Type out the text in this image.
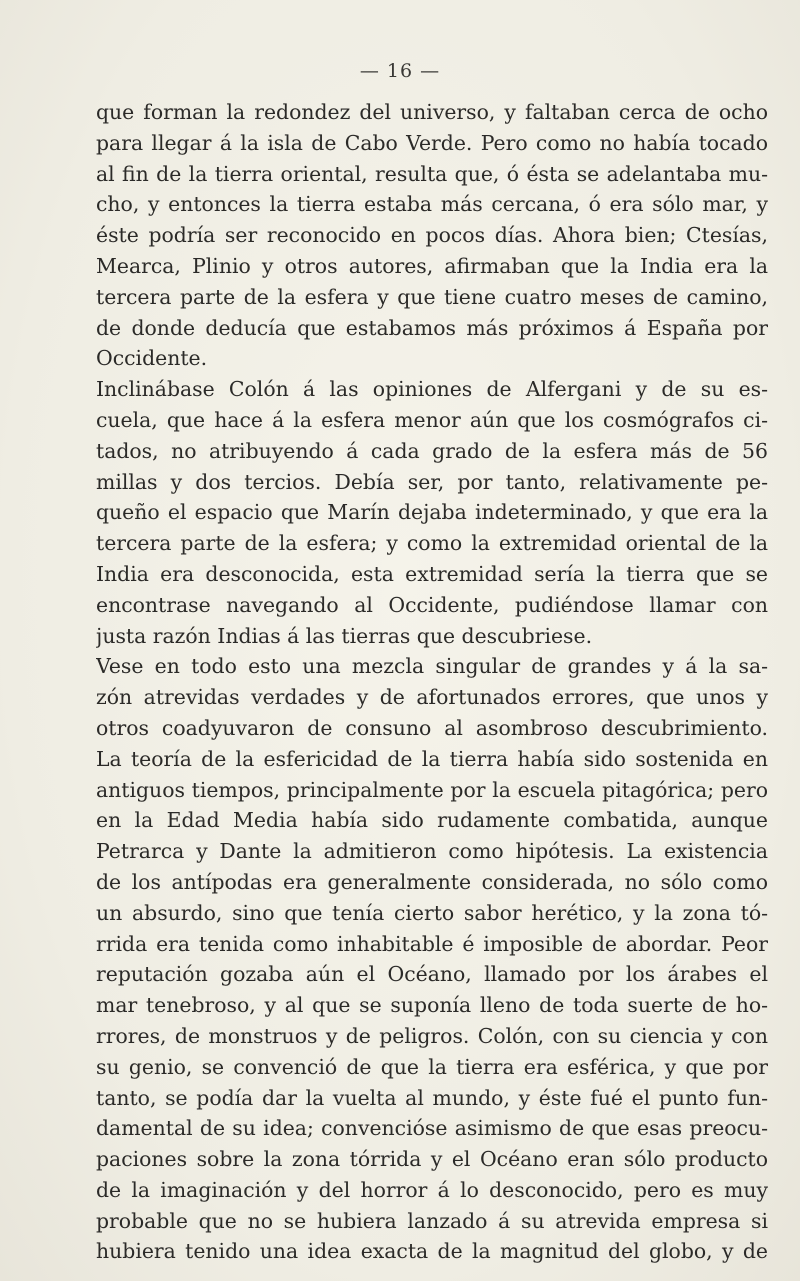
— 16 —
que forman la redondez del universo, y faltaban cerca de ocho
para llegar á la isla de Cabo Verde. Pero como no había tocado
al fin de la tierra oriental, resulta que, ó ésta se adelantaba mu-
cho, y entonces la tierra estaba más cercana, ó era sólo mar, y
éste podría ser reconocido en pocos días. Ahora bien; Ctesías,
Mearca, Plinio y otros autores, afirmaban que la India era la
tercera parte de la esfera y que tiene cuatro meses de camino,
de donde deducía que estabamos más próximos á España por
Occidente.
Inclinábase Colón á las opiniones de Alfergani y de su es-
cuela, que hace á la esfera menor aún que los cosmógrafos ci-
tados, no atribuyendo á cada grado de la esfera más de 56
millas y dos tercios. Debía ser, por tanto, relativamente pe-
queño el espacio que Marín dejaba indeterminado, y que era la
tercera parte de la esfera; y como la extremidad oriental de la
India era desconocida, esta extremidad sería la tierra que se
encontrase navegando al Occidente, pudiéndose llamar con
justa razón Indias á las tierras que descubriese.
Vese en todo esto una mezcla singular de grandes y á la sa-
zón atrevidas verdades y de afortunados errores, que unos y
otros coadyuvaron de consuno al asombroso descubrimiento.
La teoría de la esfericidad de la tierra había sido sostenida en
antiguos tiempos, principalmente por la escuela pitagórica; pero
en la Edad Media había sido rudamente combatida, aunque
Petrarca y Dante la admitieron como hipótesis. La existencia
de los antípodas era generalmente considerada, no sólo como
un absurdo, sino que tenía cierto sabor herético, y la zona tó-
rrida era tenida como inhabitable é imposible de abordar. Peor
reputación gozaba aún el Océano, llamado por los árabes el
mar tenebroso, y al que se suponía lleno de toda suerte de ho-
rrores, de monstruos y de peligros. Colón, con su ciencia y con
su genio, se convenció de que la tierra era esférica, y que por
tanto, se podía dar la vuelta al mundo, y éste fué el punto fun-
damental de su idea; convencióse asimismo de que esas preocu-
paciones sobre la zona tórrida y el Océano eran sólo producto
de la imaginación y del horror á lo desconocido, pero es muy
probable que no se hubiera lanzado á su atrevida empresa si
hubiera tenido una idea exacta de la magnitud del globo, y de
